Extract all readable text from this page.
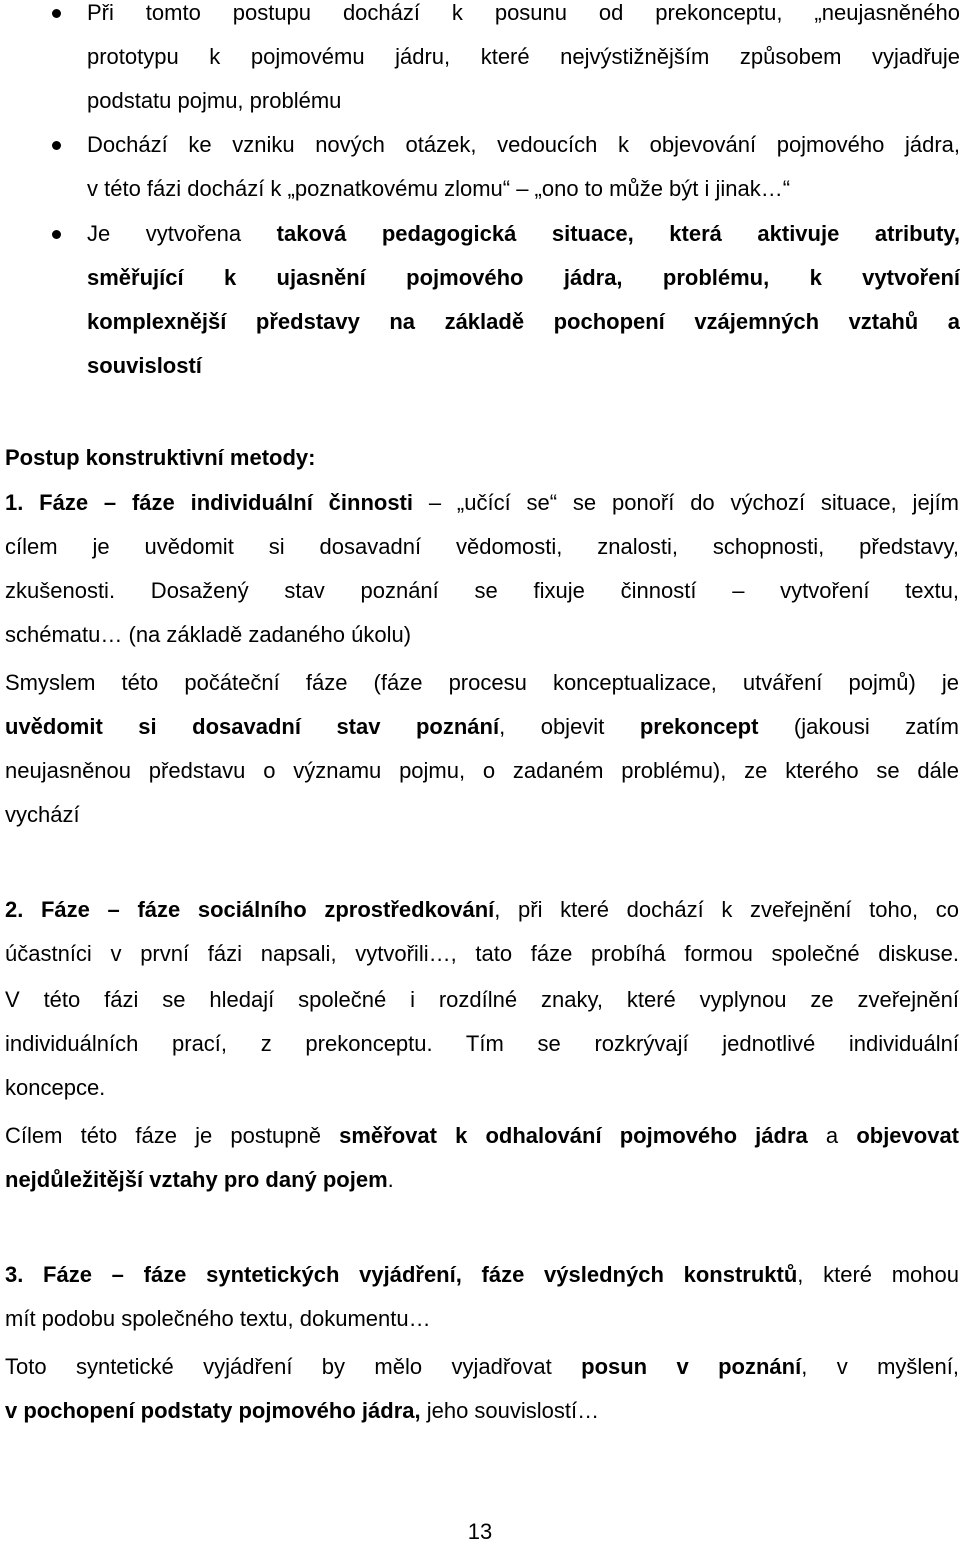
Při tomto postupu dochází k posunu od prekonceptu, „neujasněného
prototypu k pojmovému jádru, které nejvýstižnějším způsobem vyjadřuje
podstatu pojmu, problému
Dochází ke vzniku nových otázek, vedoucích k objevování pojmového jádra,
v této fázi dochází k „poznatkovému zlomu“ – „ono to může být i jinak…“
Je vytvořena taková pedagogická situace, která aktivuje atributy,
směřující k ujasnění pojmového jádra, problému, k vytvoření
komplexnější představy na základě pochopení vzájemných vztahů a
souvislostí
Postup konstruktivní metody:
1. Fáze – fáze individuální činnosti – „učící se“ se ponoří do výchozí situace, jejím
cílem je uvědomit si dosavadní vědomosti, znalosti, schopnosti, představy,
zkušenosti. Dosažený stav poznání se fixuje činností – vytvoření textu,
schématu… (na základě zadaného úkolu)
Smyslem této počáteční fáze (fáze procesu konceptualizace, utváření pojmů) je
uvědomit si dosavadní stav poznání, objevit prekoncept (jakousi zatím
neujasněnou představu o významu pojmu, o zadaném problému), ze kterého se dále
vychází
2. Fáze – fáze sociálního zprostředkování, při které dochází k zveřejnění toho, co
účastníci v první fázi napsali, vytvořili…, tato fáze probíhá formou společné diskuse.
V této fázi se hledají společné i rozdílné znaky, které vyplynou ze zveřejnění
individuálních prací, z prekonceptu. Tím se rozkrývají jednotlivé individuální
koncepce.
Cílem této fáze je postupně směřovat k odhalování pojmového jádra a objevovat
nejdůležitější vztahy pro daný pojem.
3. Fáze – fáze syntetických vyjádření, fáze výsledných konstruktů, které mohou
mít podobu společného textu, dokumentu…
Toto syntetické vyjádření by mělo vyjadřovat posun v poznání, v myšlení,
v pochopení podstaty pojmového jádra, jeho souvislostí…
13
